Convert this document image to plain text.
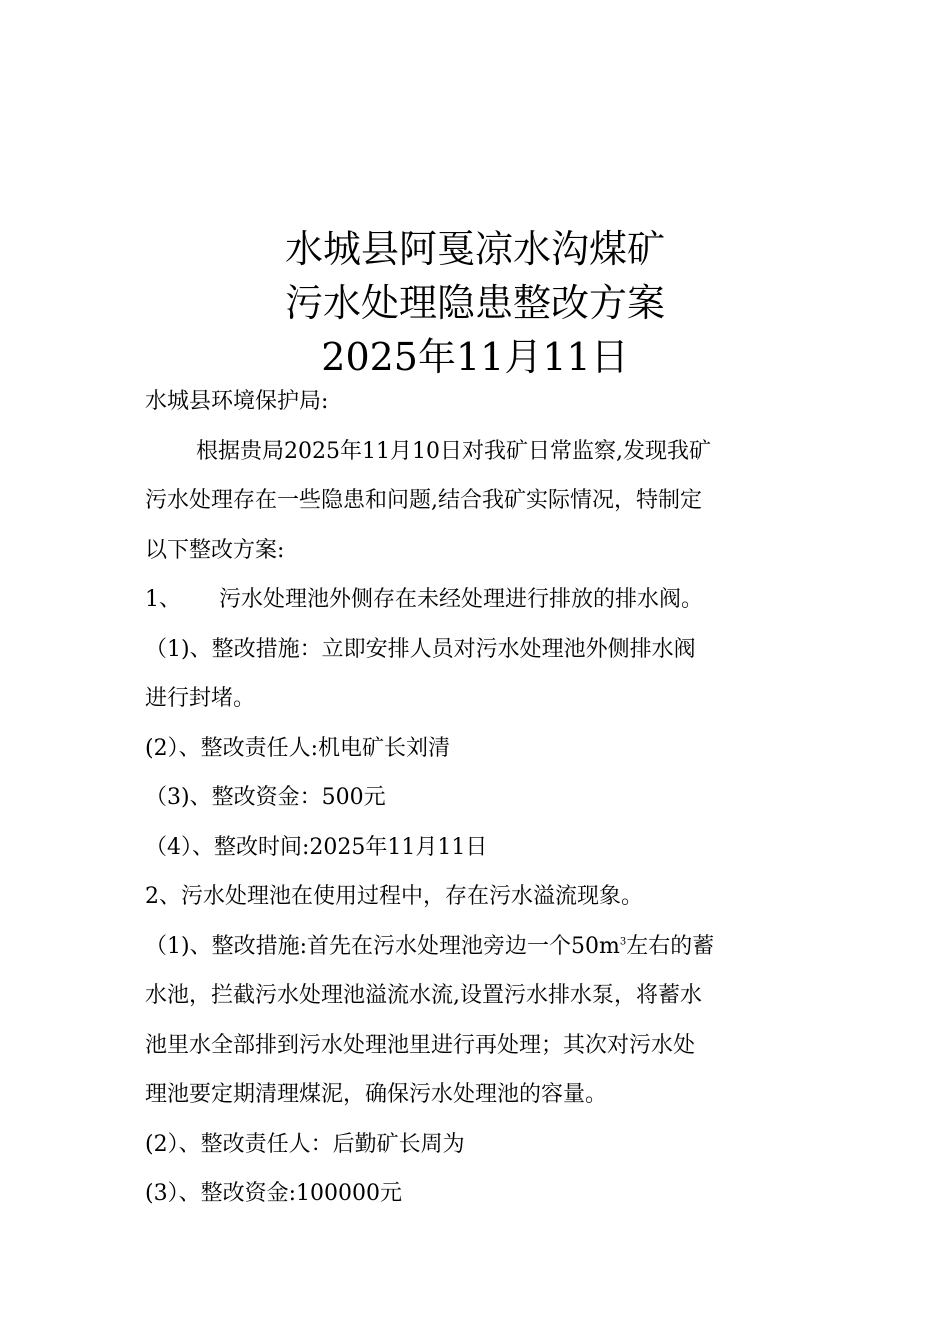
水城县阿戛凉水沟煤矿
污水处理隐患整改方案
2025年11月11日
水城县环境保护局:
根据贵局2025年11月10日对我矿日常监察,发现我矿
污水处理存在一些隐患和问题,结合我矿实际情况，特制定
以下整改方案:
1、 污水处理池外侧存在未经处理进行排放的排水阀。
（1)、整改措施：立即安排人员对污水处理池外侧排水阀
进行封堵。
(2）、整改责任人:机电矿长刘清
（3)、整改资金：500元
（4）、整改时间:2025年11月11日
2、污水处理池在使用过程中，存在污水溢流现象。
（1)、整改措施:首先在污水处理池旁边一个$50m^3$左右的蓄
水池，拦截污水处理池溢流水流,设置污水排水泵，将蓄水
池里水全部排到污水处理池里进行再处理；其次对污水处
理池要定期清理煤泥，确保污水处理池的容量。
(2）、整改责任人：后勤矿长周为
(3）、整改资金:100000元
